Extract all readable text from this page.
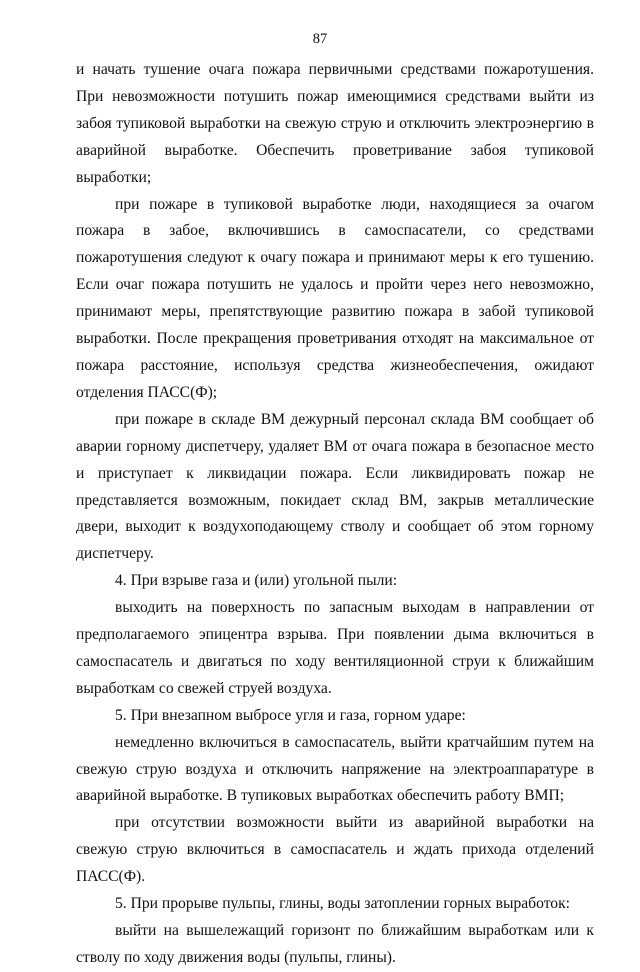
87

и начать тушение очага пожара первичными средствами пожаротушения. При невозможности потушить пожар имеющимися средствами выйти из забоя тупиковой выработки на свежую струю и отключить электроэнергию в аварийной выработке. Обеспечить проветривание забоя тупиковой выработки;

при пожаре в тупиковой выработке люди, находящиеся за очагом пожара в забое, включившись в самоспасатели, со средствами пожаротушения следуют к очагу пожара и принимают меры к его тушению. Если очаг пожара потушить не удалось и пройти через него невозможно, принимают меры, препятствующие развитию пожара в забой тупиковой выработки. После прекращения проветривания отходят на максимальное от пожара расстояние, используя средства жизнеобеспечения, ожидают отделения ПАСС(Ф);

при пожаре в складе ВМ дежурный персонал склада ВМ сообщает об аварии горному диспетчеру, удаляет ВМ от очага пожара в безопасное место и приступает к ликвидации пожара. Если ликвидировать пожар не представляется возможным, покидает склад ВМ, закрыв металлические двери, выходит к воздухоподающему стволу и сообщает об этом горному диспетчеру.

4. При взрыве газа и (или) угольной пыли:

выходить на поверхность по запасным выходам в направлении от предполагаемого эпицентра взрыва. При появлении дыма включиться в самоспасатель и двигаться по ходу вентиляционной струи к ближайшим выработкам со свежей струей воздуха.

5. При внезапном выбросе угля и газа, горном ударе:

немедленно включиться в самоспасатель, выйти кратчайшим путем на свежую струю воздуха и отключить напряжение на электроаппаратуре в аварийной выработке. В тупиковых выработках обеспечить работу ВМП;

при отсутствии возможности выйти из аварийной выработки на свежую струю включиться в самоспасатель и ждать прихода отделений ПАСС(Ф).

5. При прорыве пульпы, глины, воды затоплении горных выработок:

выйти на вышележащий горизонт по ближайшим выработкам или к стволу по ходу движения воды (пульпы, глины).
